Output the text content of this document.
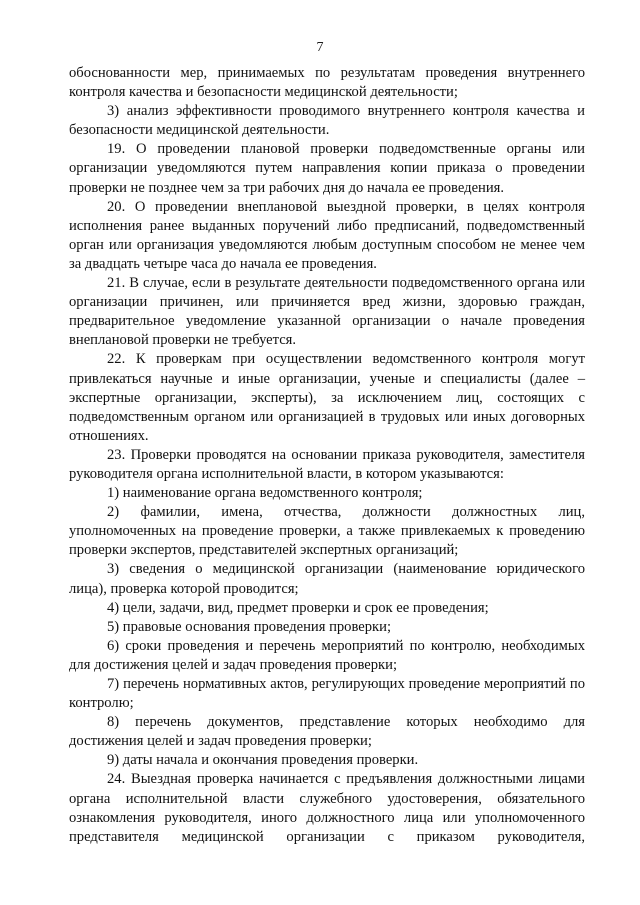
7

обоснованности мер, принимаемых по результатам проведения внутреннего контроля качества и безопасности медицинской деятельности;

3) анализ эффективности проводимого внутреннего контроля качества и безопасности медицинской деятельности.

19. О проведении плановой проверки подведомственные органы или организации уведомляются путем направления копии приказа о проведении проверки не позднее чем за три рабочих дня до начала ее проведения.

20. О проведении внеплановой выездной проверки, в целях контроля исполнения ранее выданных поручений либо предписаний, подведомственный орган или организация уведомляются любым доступным способом не менее чем за двадцать четыре часа до начала ее проведения.

21. В случае, если в результате деятельности подведомственного органа или организации причинен, или причиняется вред жизни, здоровью граждан, предварительное уведомление указанной организации о начале проведения внеплановой проверки не требуется.

22. К проверкам при осуществлении ведомственного контроля могут привлекаться научные и иные организации, ученые и специалисты (далее – экспертные организации, эксперты), за исключением лиц, состоящих с подведомственным органом или организацией в трудовых или иных договорных отношениях.

23. Проверки проводятся на основании приказа руководителя, заместителя руководителя органа исполнительной власти, в котором указываются:

1) наименование органа ведомственного контроля;

2) фамилии, имена, отчества, должности должностных лиц, уполномоченных на проведение проверки, а также привлекаемых к проведению проверки экспертов, представителей экспертных организаций;

3) сведения о медицинской организации (наименование юридического лица), проверка которой проводится;

4) цели, задачи, вид, предмет проверки и срок ее проведения;

5) правовые основания проведения проверки;

6) сроки проведения и перечень мероприятий по контролю, необходимых для достижения целей и задач проведения проверки;

7) перечень нормативных актов, регулирующих проведение мероприятий по контролю;

8) перечень документов, представление которых необходимо для достижения целей и задач проведения проверки;

9) даты начала и окончания проведения проверки.

24. Выездная проверка начинается с предъявления должностными лицами органа исполнительной власти служебного удостоверения, обязательного ознакомления руководителя, иного должностного лица или уполномоченного представителя медицинской организации с приказом руководителя,
